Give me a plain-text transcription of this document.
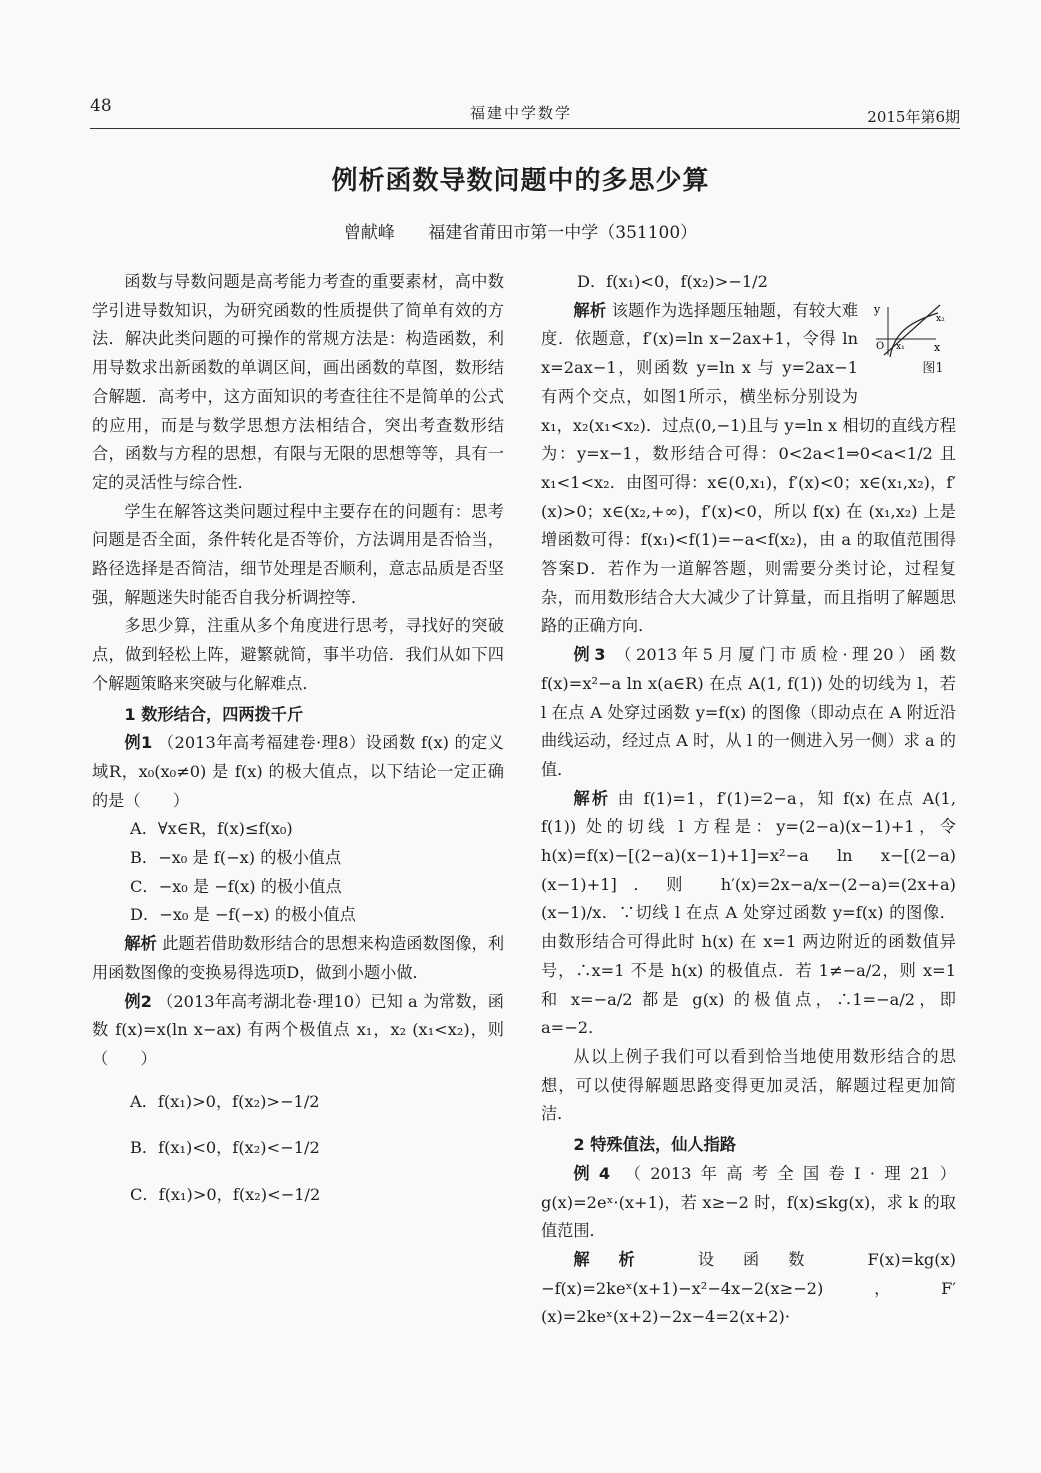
48	福建中学数学	2015年第6期
例析函数导数问题中的多思少算
曾献峰 福建省莆田市第一中学（351100）

函数与导数问题是高考能力考查的重要素材，高中数学引进导数知识，为研究函数的性质提供了简单有效的方法．解决此类问题的可操作的常规方法是：构造函数，利用导数求出新函数的单调区间，画出函数的草图，数形结合解题．高考中，这方面知识的考查往往不是简单的公式的应用，而是与数学思想方法相结合，突出考查数形结合，函数与方程的思想，有限与无限的思想等等，具有一定的灵活性与综合性．

学生在解答这类问题过程中主要存在的问题有：思考问题是否全面，条件转化是否等价，方法调用是否恰当，路径选择是否简洁，细节处理是否顺利，意志品质是否坚强，解题迷失时能否自我分析调控等．

多思少算，注重从多个角度进行思考，寻找好的突破点，做到轻松上阵，避繁就简，事半功倍．我们从如下四个解题策略来突破与化解难点．

1 数形结合，四两拨千斤

例1 （2013年高考福建卷·理8）设函数 f(x) 的定义域R，x₀(x₀≠0) 是 f(x) 的极大值点，以下结论一定正确的是（　　）

A．∀x∈R，f(x)≤f(x₀)

B．−x₀ 是 f(−x) 的极小值点

C．−x₀ 是 −f(x) 的极小值点

D．−x₀ 是 −f(−x) 的极小值点

解析 此题若借助数形结合的思想来构造函数图像，利用函数图像的变换易得选项D，做到小题小做．

例2 （2013年高考湖北卷·理10）已知 a 为常数，函数 f(x)=x(ln x−ax) 有两个极值点 x₁，x₂ (x₁<x₂)，则（　　）

A．f(x₁)>0，f(x₂)>−1/2

B．f(x₁)<0，f(x₂)<−1/2

C．f(x₁)>0，f(x₂)<−1/2

D．f(x₁)<0，f(x₂)>−1/2

y
O	x
x₁
x₂
图1
解析 该题作为选择题压轴题，有较大难度．依题意，f′(x)=ln x−2ax+1，令得 ln x=2ax−1，则函数 y=ln x 与 y=2ax−1 有两个交点，如图1所示，横坐标分别设为 x₁，x₂(x₁<x₂)．过点(0,−1)且与 y=ln x 相切的直线方程为：y=x−1，数形结合可得：0<2a<1⇒0<a<1/2 且 x₁<1<x₂．由图可得：x∈(0,x₁)，f′(x)<0；x∈(x₁,x₂)，f′(x)>0；x∈(x₂,+∞)，f′(x)<0，所以 f(x) 在 (x₁,x₂) 上是增函数可得：f(x₁)<f(1)=−a<f(x₂)，由 a 的取值范围得答案D．若作为一道解答题，则需要分类讨论，过程复杂，而用数形结合大大减少了计算量，而且指明了解题思路的正确方向．

例3 （2013年5月厦门市质检·理20）函数 f(x)=x²−a ln x(a∈R) 在点 A(1, f(1)) 处的切线为 l，若 l 在点 A 处穿过函数 y=f(x) 的图像（即动点在 A 附近沿曲线运动，经过点 A 时，从 l 的一侧进入另一侧）求 a 的值．

解析 由 f(1)=1，f′(1)=2−a，知 f(x) 在点 A(1, f(1)) 处的切线 l 方程是：y=(2−a)(x−1)+1，令 h(x)=f(x)−[(2−a)(x−1)+1]=x²−a ln x−[(2−a)(x−1)+1]．则 h′(x)=2x−a/x−(2−a)=(2x+a)(x−1)/x．∵切线 l 在点 A 处穿过函数 y=f(x) 的图像．由数形结合可得此时 h(x) 在 x=1 两边附近的函数值异号，∴x=1 不是 h(x) 的极值点．若 1≠−a/2，则 x=1 和 x=−a/2 都是 g(x) 的极值点，∴1=−a/2，即 a=−2．

从以上例子我们可以看到恰当地使用数形结合的思想，可以使得解题思路变得更加灵活，解题过程更加简洁．

2 特殊值法，仙人指路

例4 （2013年高考全国卷Ⅰ·理21）g(x)=2eˣ·(x+1)，若 x≥−2 时，f(x)≤kg(x)，求 k 的取值范围．

解析 设函数 F(x)=kg(x)−f(x)=2keˣ(x+1)−x²−4x−2(x≥−2)，F′(x)=2keˣ(x+2)−2x−4=2(x+2)·
